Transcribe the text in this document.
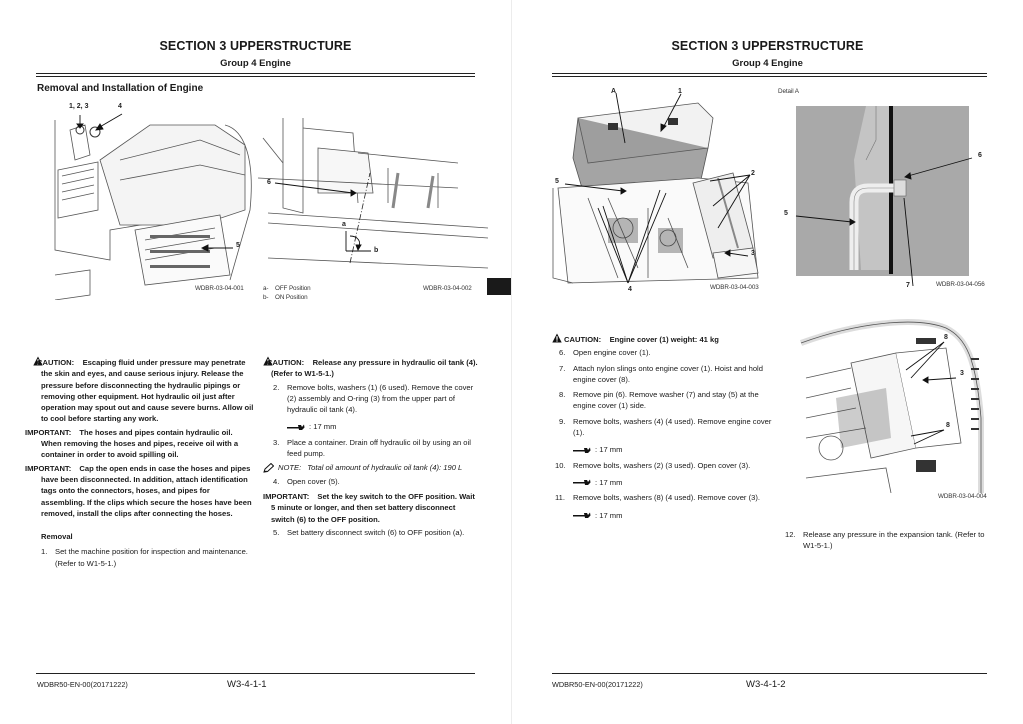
SECTION 3 UPPERSTRUCTURE
Group 4 Engine
Removal and Installation of Engine
1, 2, 3	4
5
WDBR-03-04-001
6
a
b
a- OFF Position
b- ON Position
WDBR-03-04-002
CAUTION: Escaping fluid under pressure may penetrate the skin and eyes, and cause serious injury. Release the pressure before disconnecting the hydraulic pipings or removing other equipment. Hot hydraulic oil just after operation may spout out and cause severe burns. Allow oil to cool before starting any work.
IMPORTANT: The hoses and pipes contain hydraulic oil. When removing the hoses and pipes, receive oil with a container in order to avoid spilling oil.
IMPORTANT: Cap the open ends in case the hoses and pipes have been disconnected. In addition, attach identification tags onto the connectors, hoses, and pipes for assembling. If the clips which secure the hoses have been removed, install the clips after connecting the hoses.
Removal
1. Set the machine position for inspection and maintenance. (Refer to W1-5-1.)
CAUTION: Release any pressure in hydraulic oil tank (4). (Refer to W1-5-1.)
2. Remove bolts, washers (1) (6 used). Remove the cover (2) assembly and O-ring (3) from the upper part of hydraulic oil tank (4).
: 17 mm
3. Place a container. Drain off hydraulic oil by using an oil feed pump.
NOTE: Total oil amount of hydraulic oil tank (4): 190 L
4. Open cover (5).
IMPORTANT: Set the key switch to the OFF position. Wait 5 minute or longer, and then set battery disconnect switch (6) to the OFF position.
5. Set battery disconnect switch (6) to OFF position (a).
WDBR50-EN-00(20171222)	W3-4-1-1
SECTION 3 UPPERSTRUCTURE
Group 4 Engine
A	1
5
2
3
4	WDBR-03-04-003
Detail A
6
5
7	WDBR-03-04-056
8
3
8
WDBR-03-04-004
CAUTION: Engine cover (1) weight: 41 kg
6. Open engine cover (1).
7. Attach nylon slings onto engine cover (1). Hoist and hold engine cover (8).
8. Remove pin (6). Remove washer (7) and stay (5) at the engine cover (1) side.
9. Remove bolts, washers (4) (4 used). Remove engine cover (1).
: 17 mm
10. Remove bolts, washers (2) (3 used). Open cover (3).
: 17 mm
11. Remove bolts, washers (8) (4 used). Remove cover (3).
: 17 mm
12. Release any pressure in the expansion tank. (Refer to W1-5-1.)
WDBR50-EN-00(20171222)	W3-4-1-2
